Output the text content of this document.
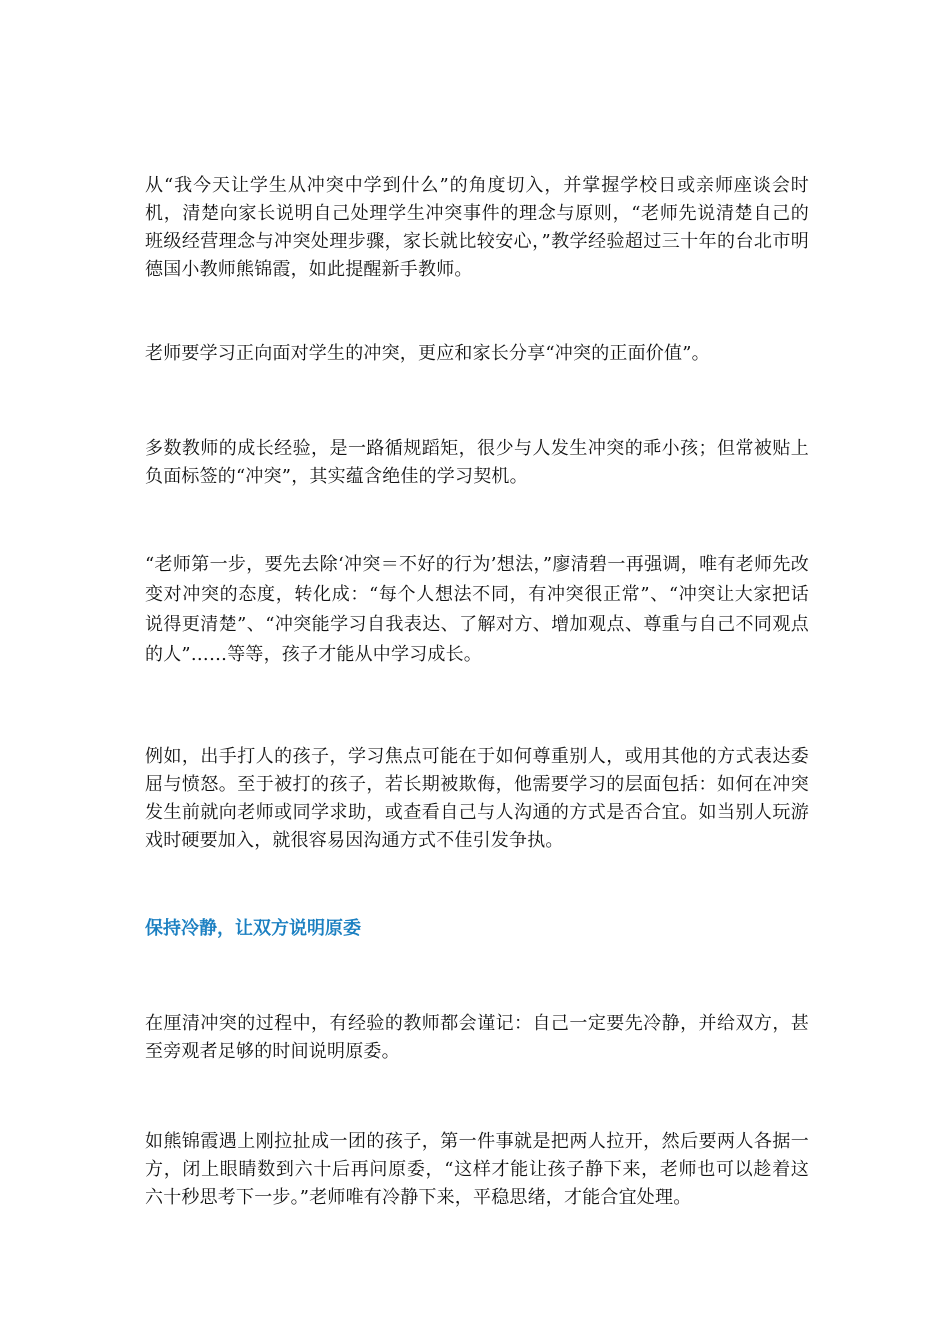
从“我今天让学生从冲突中学到什么”的角度切入，并掌握学校日或亲师座谈会时机，清楚向家长说明自己处理学生冲突事件的理念与原则，“老师先说清楚自己的班级经营理念与冲突处理步骤，家长就比较安心，”教学经验超过三十年的台北市明德国小教师熊锦霞，如此提醒新手教师。

老师要学习正向面对学生的冲突，更应和家长分享“冲突的正面价值”。

多数教师的成长经验，是一路循规蹈矩，很少与人发生冲突的乖小孩；但常被贴上负面标签的“冲突”，其实蕴含绝佳的学习契机。

“老师第一步，要先去除‘冲突＝不好的行为’想法，”廖清碧一再强调，唯有老师先改变对冲突的态度，转化成：“每个人想法不同，有冲突很正常”、“冲突让大家把话说得更清楚”、“冲突能学习自我表达、了解对方、增加观点、尊重与自己不同观点的人”……等等，孩子才能从中学习成长。

例如，出手打人的孩子，学习焦点可能在于如何尊重别人，或用其他的方式表达委屈与愤怒。至于被打的孩子，若长期被欺侮，他需要学习的层面包括：如何在冲突发生前就向老师或同学求助，或查看自己与人沟通的方式是否合宜。如当别人玩游戏时硬要加入，就很容易因沟通方式不佳引发争执。

保持冷静，让双方说明原委

在厘清冲突的过程中，有经验的教师都会谨记：自己一定要先冷静，并给双方，甚至旁观者足够的时间说明原委。

如熊锦霞遇上刚拉扯成一团的孩子，第一件事就是把两人拉开，然后要两人各据一方，闭上眼睛数到六十后再问原委，“这样才能让孩子静下来，老师也可以趁着这六十秒思考下一步。”老师唯有冷静下来，平稳思绪，才能合宜处理。
